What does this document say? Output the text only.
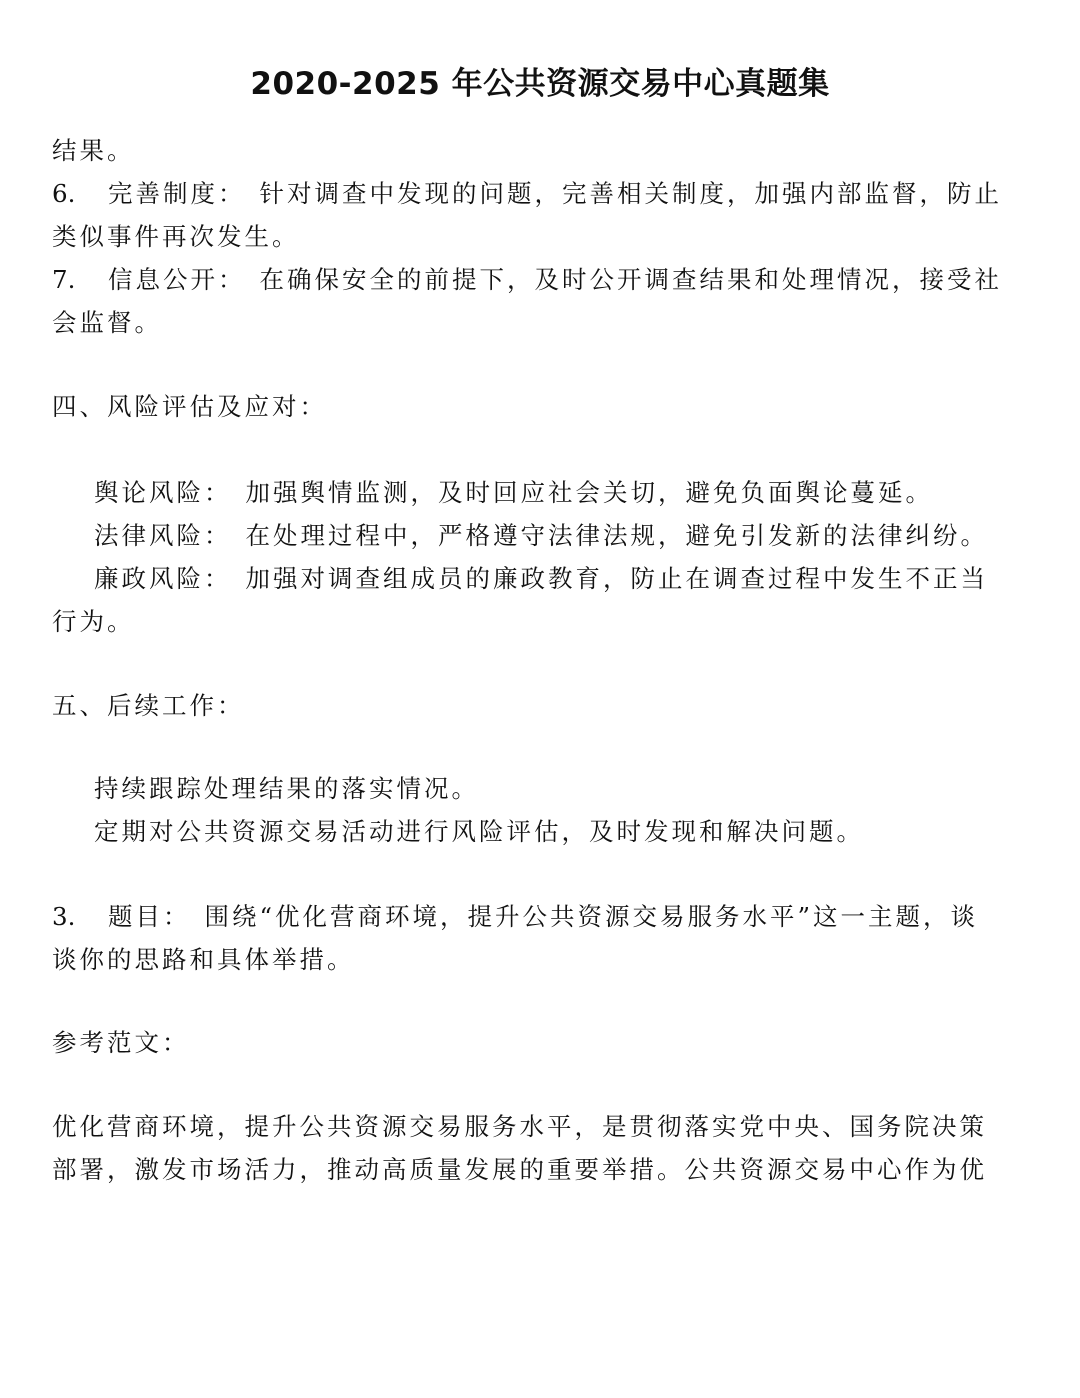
2020-2025 年公共资源交易中心真题集
结果。
6. 完善制度： 针对调查中发现的问题，完善相关制度，加强内部监督，防止
类似事件再次发生。
7. 信息公开： 在确保安全的前提下，及时公开调查结果和处理情况，接受社
会监督。
四、风险评估及应对：
舆论风险： 加强舆情监测，及时回应社会关切，避免负面舆论蔓延。
法律风险： 在处理过程中，严格遵守法律法规，避免引发新的法律纠纷。
廉政风险： 加强对调查组成员的廉政教育，防止在调查过程中发生不正当
行为。
五、后续工作：
持续跟踪处理结果的落实情况。
定期对公共资源交易活动进行风险评估，及时发现和解决问题。
3. 题目： 围绕“优化营商环境，提升公共资源交易服务水平”这一主题，谈
谈你的思路和具体举措。
参考范文：
优化营商环境，提升公共资源交易服务水平，是贯彻落实党中央、国务院决策
部署，激发市场活力，推动高质量发展的重要举措。公共资源交易中心作为优
